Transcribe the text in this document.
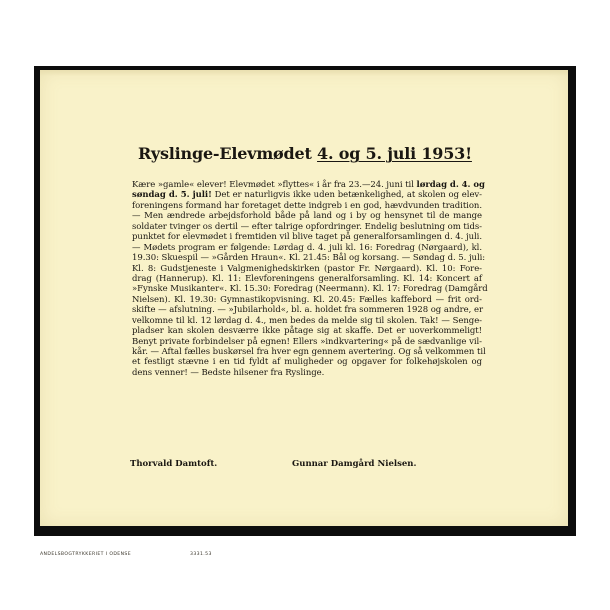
Ryslinge-Elevmødet 4. og 5. juli 1953!
Kære »gamle« elever! Elevmødet »flyttes« i år fra 23.—24. juni til lørdag d. 4. og
søndag d. 5. juli! Det er naturligvis ikke uden betænkelighed, at skolen og elev-
foreningens formand har foretaget dette indgreb i en god, hævdvunden tradition.
— Men ændrede arbejdsforhold både på land og i by og hensynet til de mange
soldater tvinger os dertil — efter talrige opfordringer. Endelig beslutning om tids-
punktet for elevmødet i fremtiden vil blive taget på generalforsamlingen d. 4. juli.
— Mødets program er følgende: Lørdag d. 4. juli kl. 16: Foredrag (Nørgaard), kl.
19.30: Skuespil — »Gården Hraun«. Kl. 21.45: Bål og korsang. — Søndag d. 5. juli:
Kl. 8: Gudstjeneste i Valgmenighedskirken (pastor Fr. Nørgaard). Kl. 10: Fore-
drag (Hannerup). Kl. 11: Elevforeningens generalforsamling. Kl. 14: Koncert af
»Fynske Musikanter«. Kl. 15.30: Foredrag (Neermann). Kl. 17: Foredrag (Damgård
Nielsen). Kl. 19.30: Gymnastikopvisning. Kl. 20.45: Fælles kaffebord — frit ord-
skifte — afslutning. — »Jubilarhold«, bl. a. holdet fra sommeren 1928 og andre, er
velkomne til kl. 12 lørdag d. 4., men bedes da melde sig til skolen. Tak! — Senge-
pladser kan skolen desværre ikke påtage sig at skaffe. Det er uoverkommeligt!
Benyt private forbindelser på egnen! Ellers »indkvartering« på de sædvanlige vil-
kår. — Aftal fælles buskørsel fra hver egn gennem avertering. Og så velkommen til
et festligt stævne i en tid fyldt af muligheder og opgaver for folkehøjskolen og
dens venner! — Bedste hilsener fra Ryslinge.
Thorvald Damtoft.	Gunnar Damgård Nielsen.
ANDELSBOGTRYKKERIET I ODENSE	3331.53
